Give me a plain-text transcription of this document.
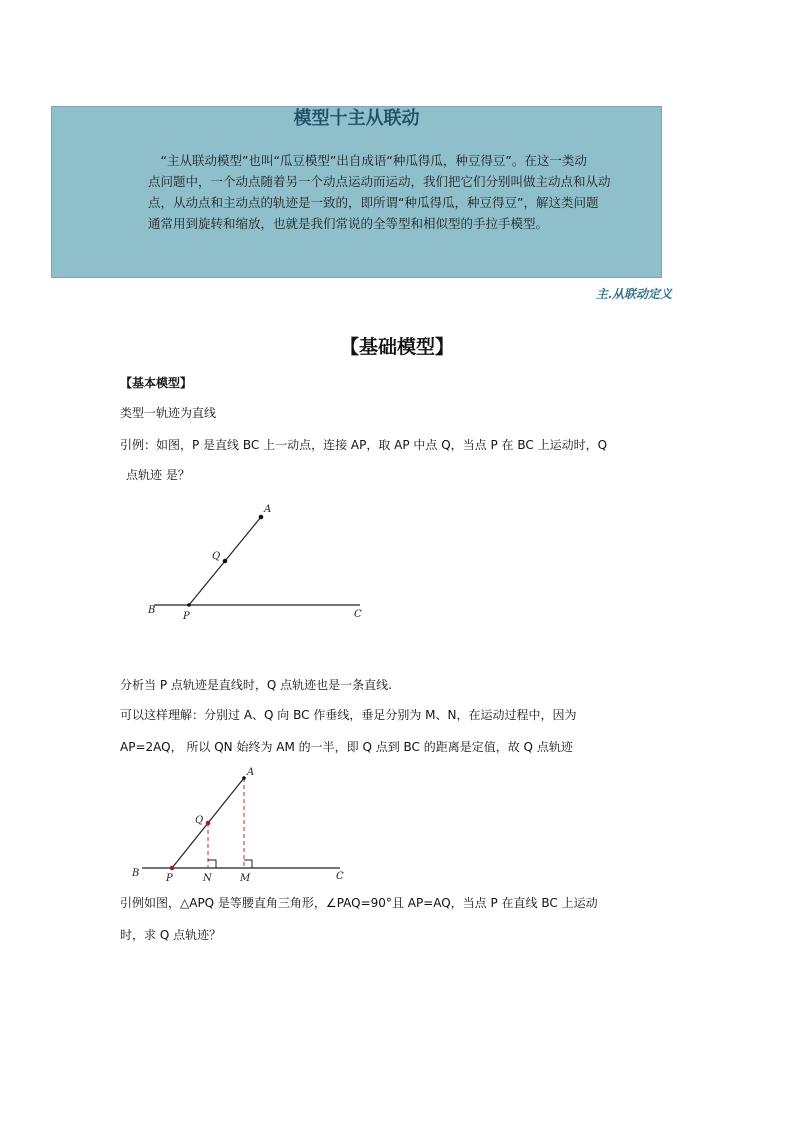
模型十主从联动
“主从联动模型”也叫“瓜豆模型”出自成语“种瓜得瓜，种豆得豆”。在这一类动
点问题中，一个动点随着另一个动点运动而运动，我们把它们分别叫做主动点和从动
点，从动点和主动点的轨迹是一致的，即所谓“种瓜得瓜，种豆得豆”，解这类问题
通常用到旋转和缩放，也就是我们常说的全等型和相似型的手拉手模型。
主.从联动定义
【基础模型】
【基本模型】
类型一轨迹为直线
引例：如图，P 是直线 BC 上一动点，连接 AP，取 AP 中点 Q，当点 P 在 BC 上运动时，Q
点轨迹 是？
A
Q
B
P	C
分析当 P 点轨迹是直线时，Q 点轨迹也是一条直线.
可以这样理解：分别过 A、Q 向 BC 作垂线，垂足分别为 M、N，在运动过程中，因为
AP=2AQ， 所以 QN 始终为 AM 的一半，即 Q 点到 BC 的距离是定值，故 Q 点轨迹
A
Q
B	P	N	M	C
引例如图，△APQ 是等腰直角三角形，∠PAQ=90°且 AP=AQ，当点 P 在直线 BC 上运动
时，求 Q 点轨迹？
